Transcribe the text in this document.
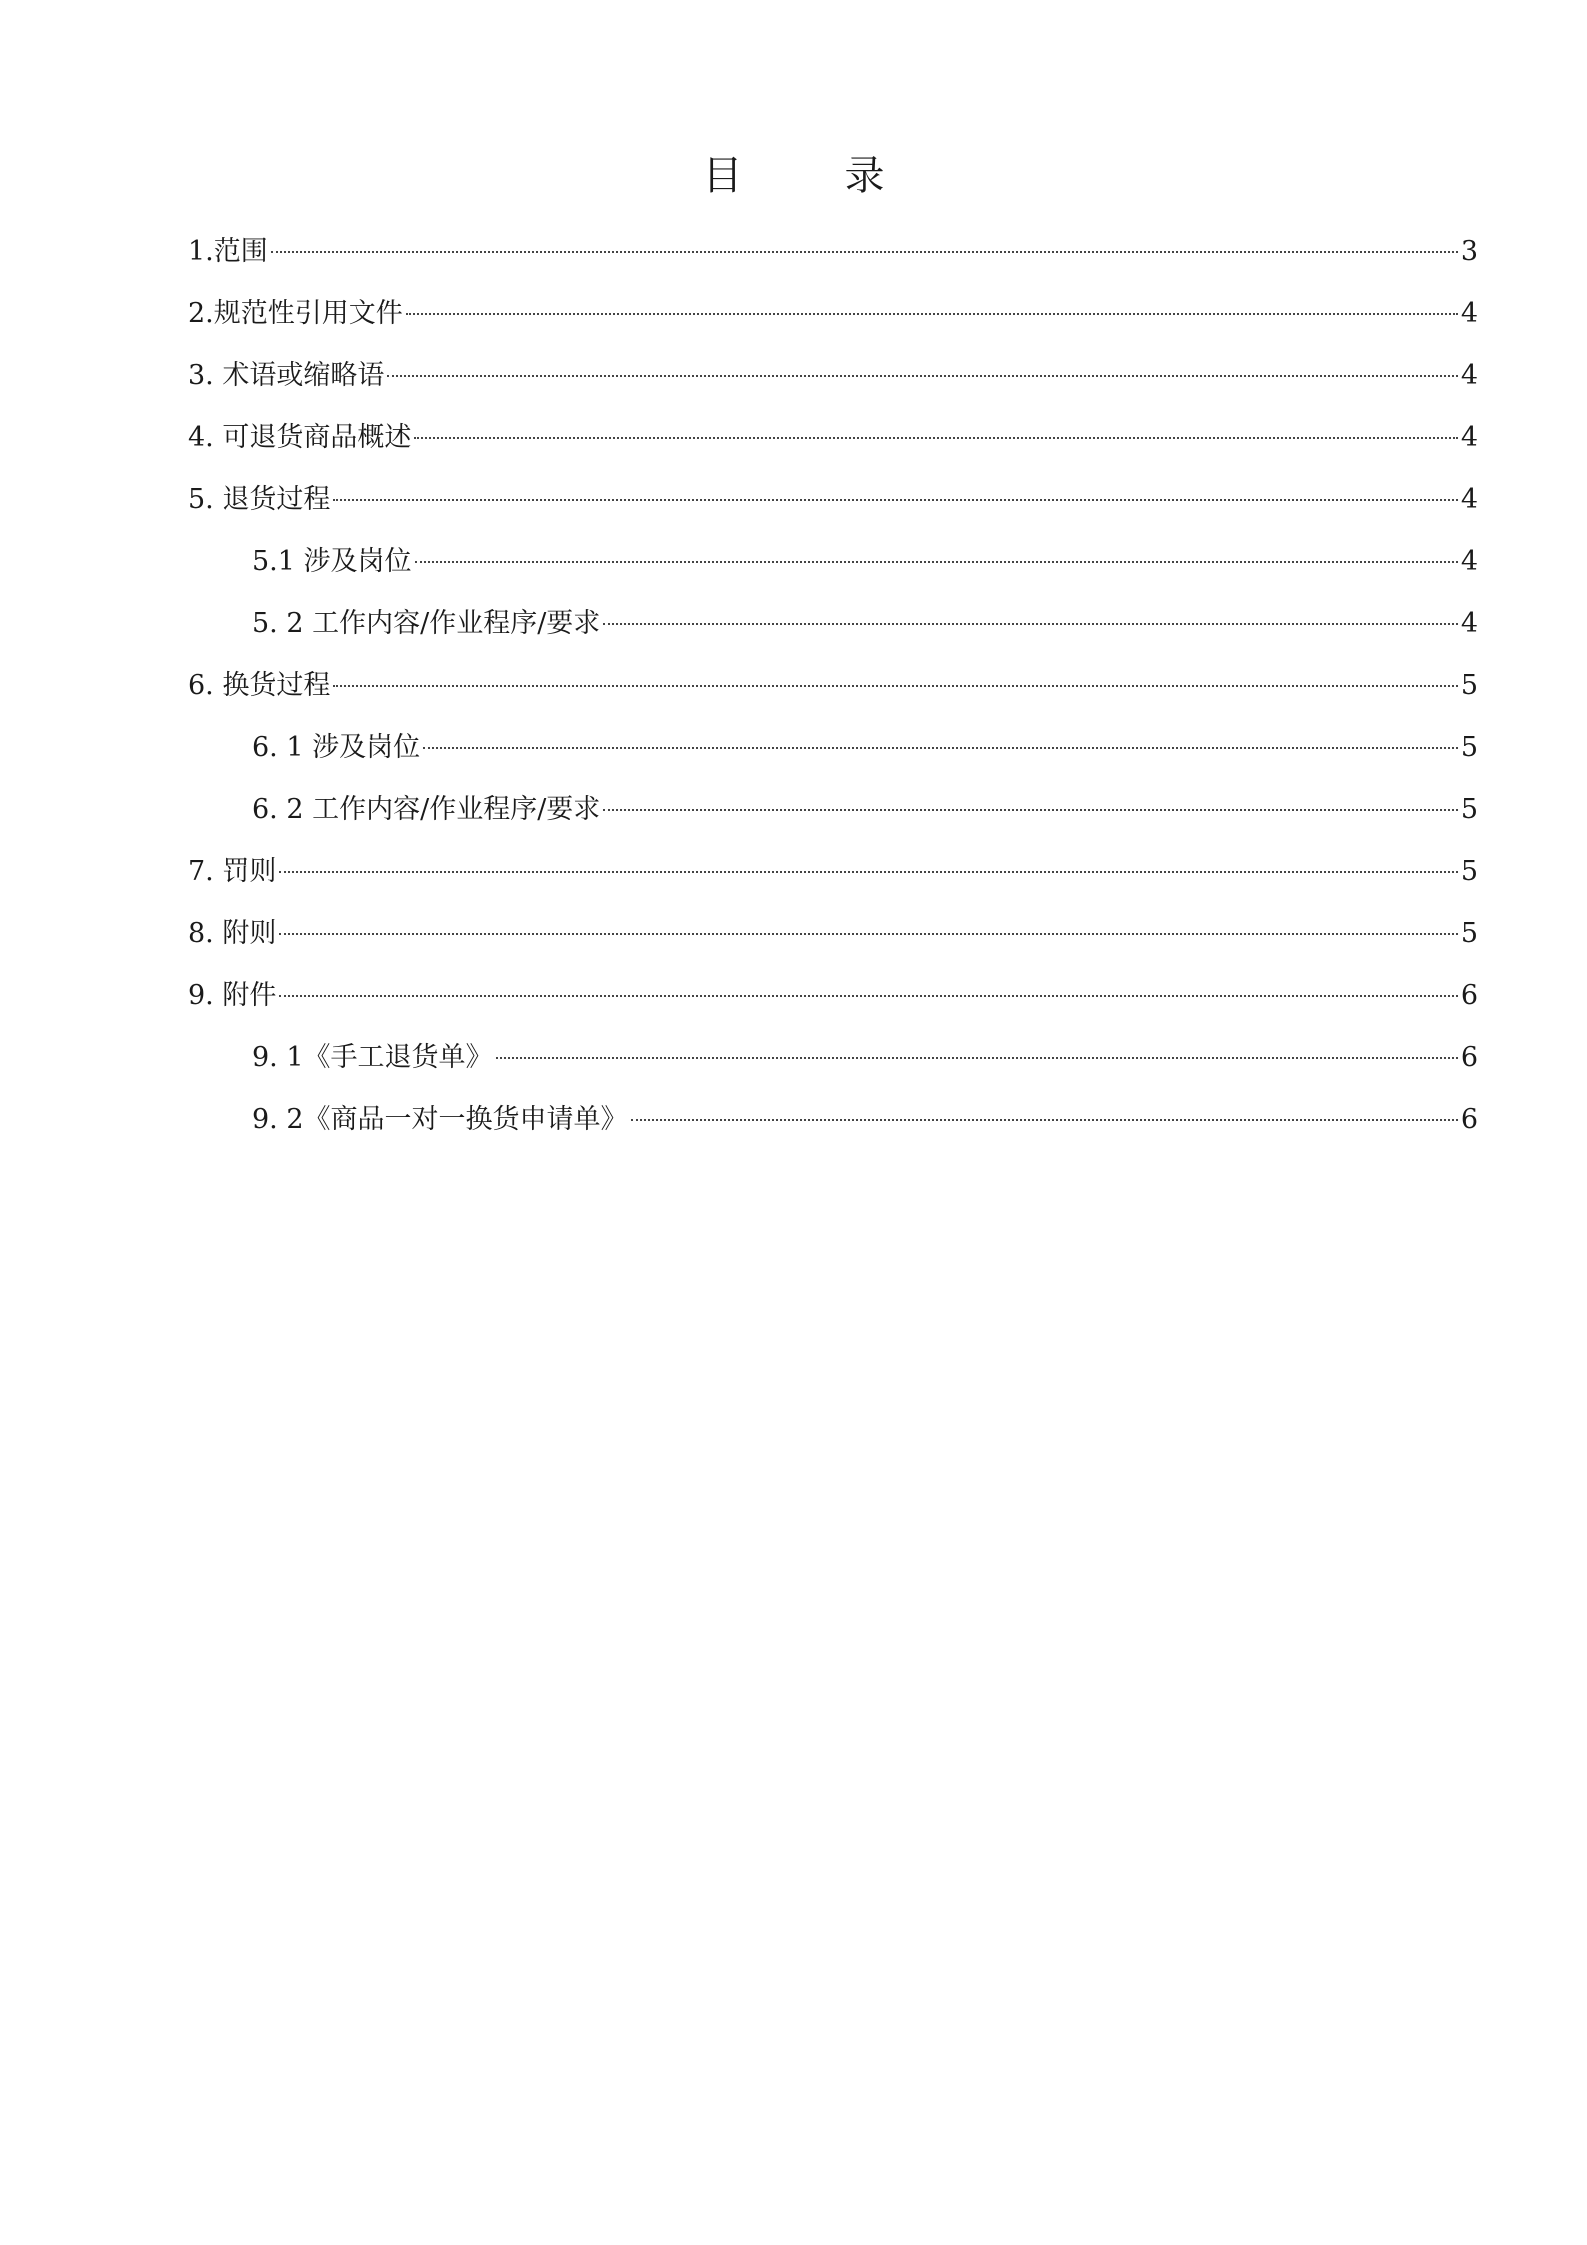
目	录
1.范围	3
2.规范性引用文件	4
3. 术语或缩略语	4
4. 可退货商品概述	4
5. 退货过程	4
5.1 涉及岗位	4
5. 2 工作内容/作业程序/要求	4
6. 换货过程	5
6. 1 涉及岗位	5
6. 2 工作内容/作业程序/要求	5
7. 罚则	5
8. 附则	5
9. 附件	6
9. 1《手工退货单》	6
9. 2《商品一对一换货申请单》	6
